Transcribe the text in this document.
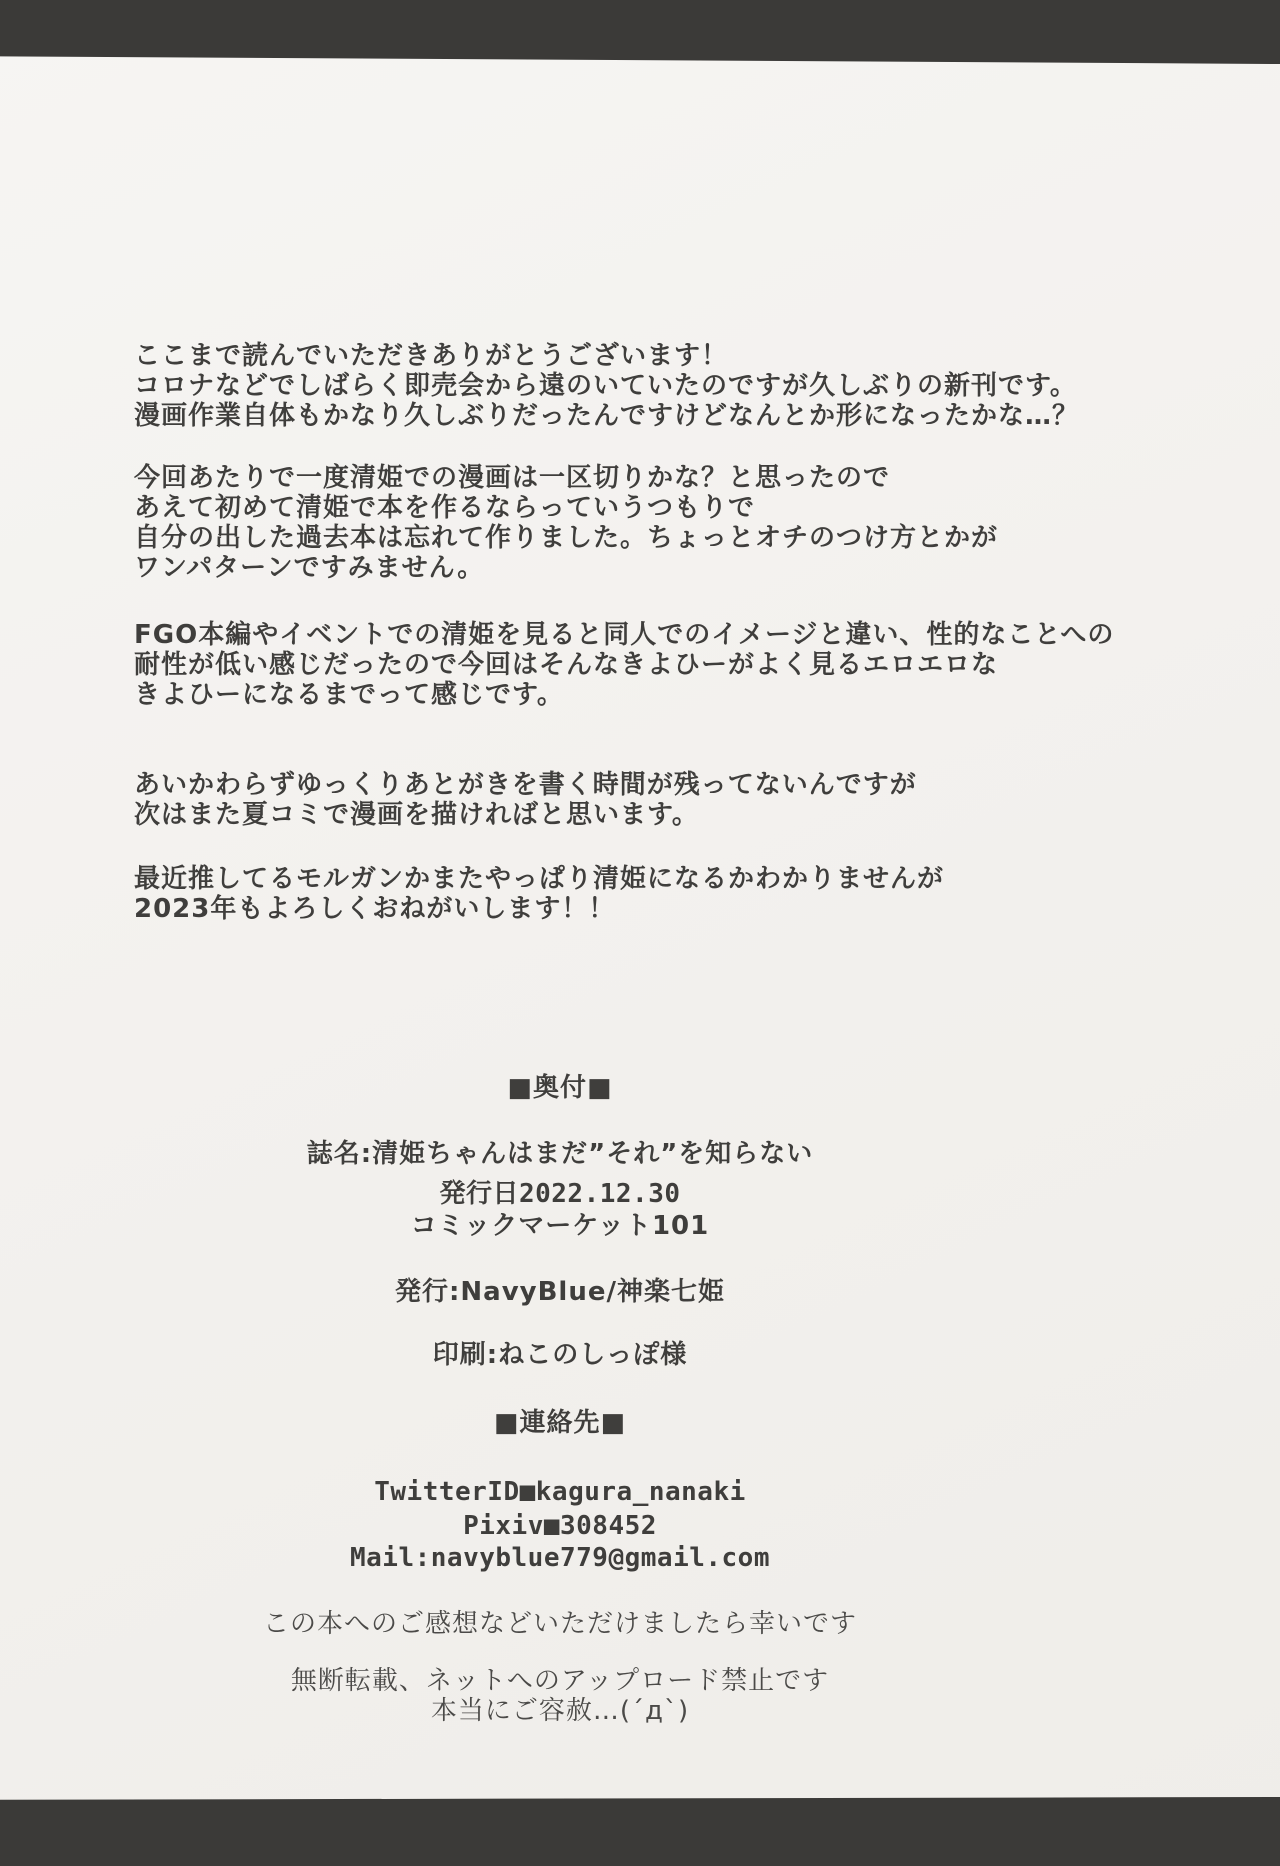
ここまで読んでいただきありがとうございます！
コロナなどでしばらく即売会から遠のいていたのですが久しぶりの新刊です。
漫画作業自体もかなり久しぶりだったんですけどなんとか形になったかな…？

今回あたりで一度清姫での漫画は一区切りかな？と思ったので
あえて初めて清姫で本を作るならっていうつもりで
自分の出した過去本は忘れて作りました。ちょっとオチのつけ方とかが
ワンパターンですみません。

FGO本編やイベントでの清姫を見ると同人でのイメージと違い、性的なことへの
耐性が低い感じだったので今回はそんなきよひーがよく見るエロエロな
きよひーになるまでって感じです。

あいかわらずゆっくりあとがきを書く時間が残ってないんですが
次はまた夏コミで漫画を描ければと思います。

最近推してるモルガンかまたやっぱり清姫になるかわかりませんが
2023年もよろしくおねがいします！！

■奥付■
誌名:清姫ちゃんはまだ”それ”を知らない
発行日2022.12.30
コミックマーケット101
発行:NavyBlue/神楽七姫
印刷:ねこのしっぽ様
■連絡先■
TwitterID■kagura_nanaki
Pixiv■308452
Mail:navyblue779@gmail.com
この本へのご感想などいただけましたら幸いです
無断転載、ネットへのアップロード禁止です
本当にご容赦…(´д`)
